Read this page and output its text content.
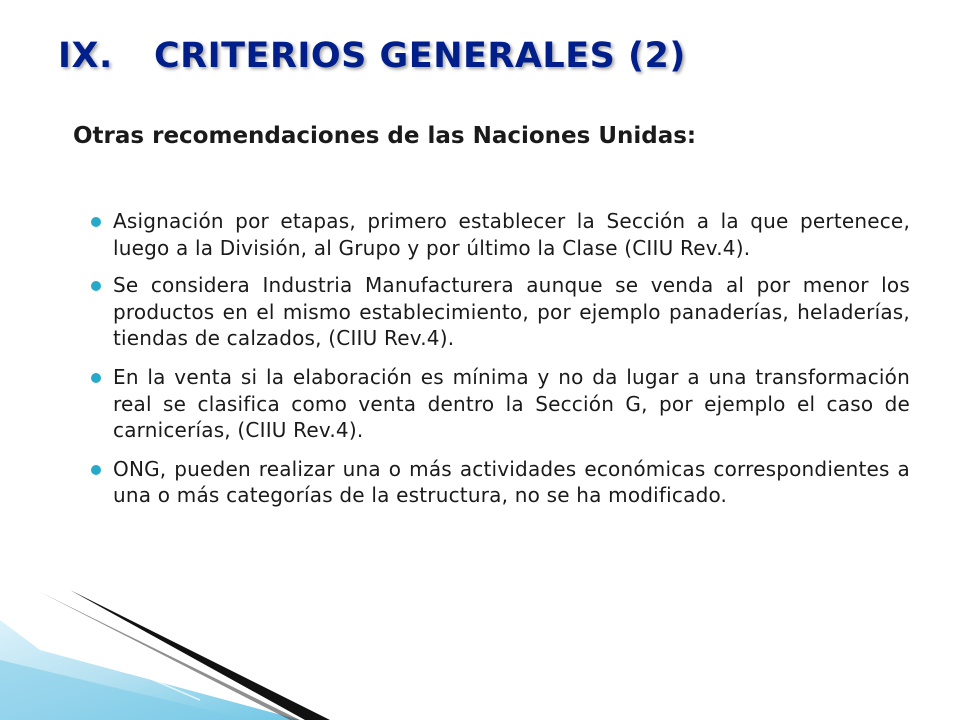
IX. CRITERIOS GENERALES (2)
Otras recomendaciones de las Naciones Unidas:
Asignación por etapas, primero establecer la Sección a la que pertenece, luego a la División, al Grupo y por último la Clase (CIIU Rev.4).
Se considera Industria Manufacturera aunque se venda al por menor los productos en el mismo establecimiento, por ejemplo panaderías, heladerías, tiendas de calzados, (CIIU Rev.4).
En la venta si la elaboración es mínima y no da lugar a una transformación real se clasifica como venta dentro la Sección G, por ejemplo el caso de carnicerías, (CIIU Rev.4).
ONG, pueden realizar una o más actividades económicas correspondientes a una o más categorías de la estructura, no se ha modificado.
